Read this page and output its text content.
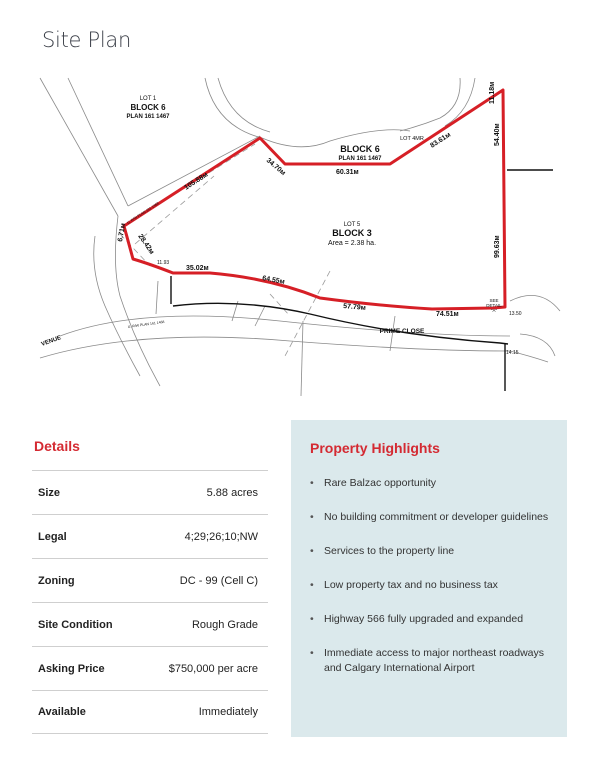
Site Plan
LOT 1
BLOCK 6
PLAN 161 1467
BLOCK 6
PLAN 161 1467
LOT 4MR
LOT 5
BLOCK 3
Area = 2.38 ha.
PRIME CLOSE
VENUE
SEE
DETAIL
"A"
U. R/W PLAN 161 1468
U. R/W PLAN 161 1468
105.88м
34.70м	60.31м
83.61м
11.18м
54.40м
99.63м
6.71м
28.42м
11.93
35.02м
64.55м
57.79м
74.51м	13.50
14.15
Details
Size	5.88 acres
Legal	4;29;26;10;NW
Zoning	DC - 99 (Cell C)
Site Condition	Rough Grade
Asking Price	$750,000 per acre
Available	Immediately
Property Highlights
• Rare Balzac opportunity
• No building commitment or developer guidelines
• Services to the property line
• Low property tax and no business tax
• Highway 566 fully upgraded and expanded
• Immediate access to major northeast roadways and Calgary International Airport
